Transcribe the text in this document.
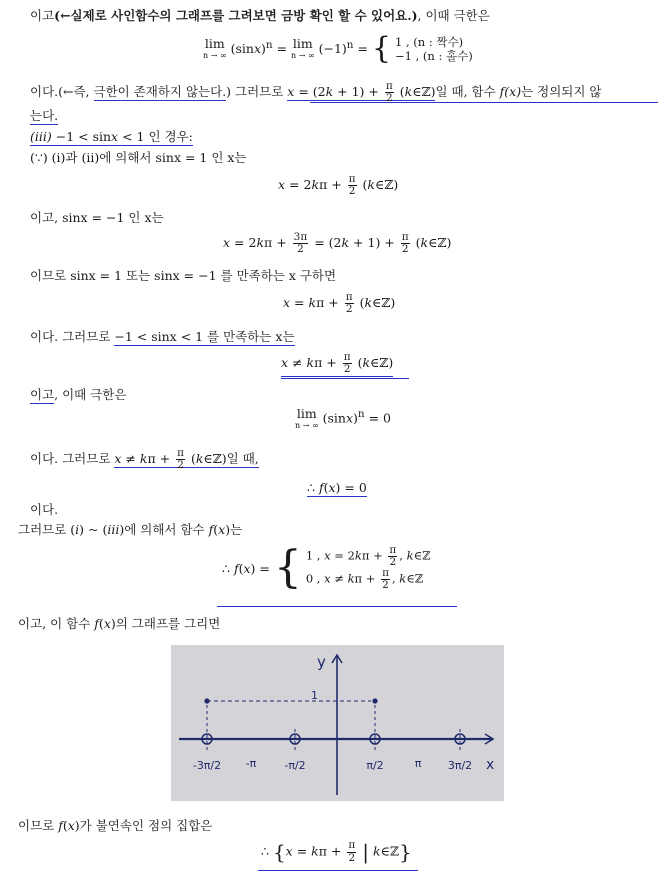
이고(←실제로 사인함수의 그래프를 그려보면 금방 확인 할 수 있어요.), 이때 극한은
lim
n → ∞ $(\sin x)^n = \lim$
n → ∞ $(-1)^n$ = { 1 , (n : 짝수)
−1 , (n : 홀수)
이다.(←즉, 극한이 존재하지 않는다.) 그러므로 $x = (2k + 1) + \frac{\pi}{2}$ (k∈ℤ)일 때, 함수 f(x)는 정의되지 않
는다.
(iii) −1 < sinx < 1 인 경우:
(∵) (i)과 (ii)에 의해서 sinx = 1 인 x는
$x = 2k\pi + \frac{\pi}{2}$ (k∈ℤ)
이고, sinx = −1 인 x는
$x = 2k\pi + \frac{3\pi}{2} = (2k + 1) + \frac{\pi}{2}$ (k∈ℤ)
이므로 sinx = 1 또는 sinx = −1 를 만족하는 x 구하면
$x = k\pi + \frac{\pi}{2}$ (k∈ℤ)
이다. 그러므로 −1 < sinx < 1 를 만족하는 x는
$x \ne k\pi + \frac{\pi}{2}$ (k∈ℤ)
이고, 이때 극한은
lim
n → ∞ $(\sin x)^n = 0$
이다. 그러므로 $x \ne k\pi + \frac{\pi}{2}$ (k∈ℤ)일 때,
∴ f(x) = 0
이다.
그러므로 (i) ~ (iii)에 의해서 함수 f(x)는
∴ f(x) = { 1 , $x = 2k\pi + \frac{\pi}{2}$ , k∈ℤ
0 , $x \ne k\pi + \frac{\pi}{2}$ , k∈ℤ
이고, 이 함수 f(x)의 그래프를 그리면
y
x
1
-3π/2 -π	-π/2	π/2	π 3π/2
이므로 f(x)가 불연속인 점의 집합은
∴ {$x = k\pi + \frac{\pi}{2}$ | k∈ℤ}
